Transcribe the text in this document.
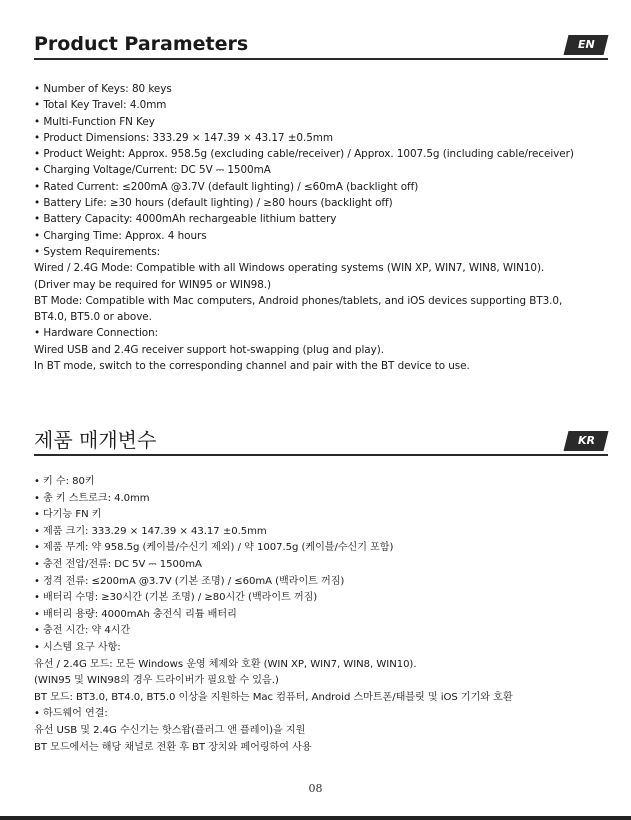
Product Parameters	EN
• Number of Keys: 80 keys
• Total Key Travel: 4.0mm
• Multi-Function FN Key
• Product Dimensions: 333.29 × 147.39 × 43.17 ±0.5mm
• Product Weight: Approx. 958.5g (excluding cable/receiver) / Approx. 1007.5g (including cable/receiver)
• Charging Voltage/Current: DC 5V ⎓ 1500mA
• Rated Current: ≤200mA @3.7V (default lighting) / ≤60mA (backlight off)
• Battery Life: ≥30 hours (default lighting) / ≥80 hours (backlight off)
• Battery Capacity: 4000mAh rechargeable lithium battery
• Charging Time: Approx. 4 hours
• System Requirements:
Wired / 2.4G Mode: Compatible with all Windows operating systems (WIN XP, WIN7, WIN8, WIN10).
(Driver may be required for WIN95 or WIN98.)
BT Mode: Compatible with Mac computers, Android phones/tablets, and iOS devices supporting BT3.0,
BT4.0, BT5.0 or above.
• Hardware Connection:
Wired USB and 2.4G receiver support hot-swapping (plug and play).
In BT mode, switch to the corresponding channel and pair with the BT device to use.
제품 매개변수	KR
• 키 수: 80키
• 총 키 스트로크: 4.0mm
• 다기능 FN 키
• 제품 크기: 333.29 × 147.39 × 43.17 ±0.5mm
• 제품 무게: 약 958.5g (케이블/수신기 제외) / 약 1007.5g (케이블/수신기 포함)
• 충전 전압/전류: DC 5V ⎓ 1500mA
• 정격 전류: ≤200mA @3.7V (기본 조명) / ≤60mA (백라이트 꺼짐)
• 배터리 수명: ≥30시간 (기본 조명) / ≥80시간 (백라이트 꺼짐)
• 배터리 용량: 4000mAh 충전식 리튬 배터리
• 충전 시간: 약 4시간
• 시스템 요구 사항:
유선 / 2.4G 모드: 모든 Windows 운영 체제와 호환 (WIN XP, WIN7, WIN8, WIN10).
(WIN95 및 WIN98의 경우 드라이버가 필요할 수 있음.)
BT 모드: BT3.0, BT4.0, BT5.0 이상을 지원하는 Mac 컴퓨터, Android 스마트폰/태블릿 및 iOS 기기와 호환
• 하드웨어 연결:
유선 USB 및 2.4G 수신기는 핫스왑(플러그 앤 플레이)을 지원
BT 모드에서는 해당 채널로 전환 후 BT 장치와 페어링하여 사용
08
